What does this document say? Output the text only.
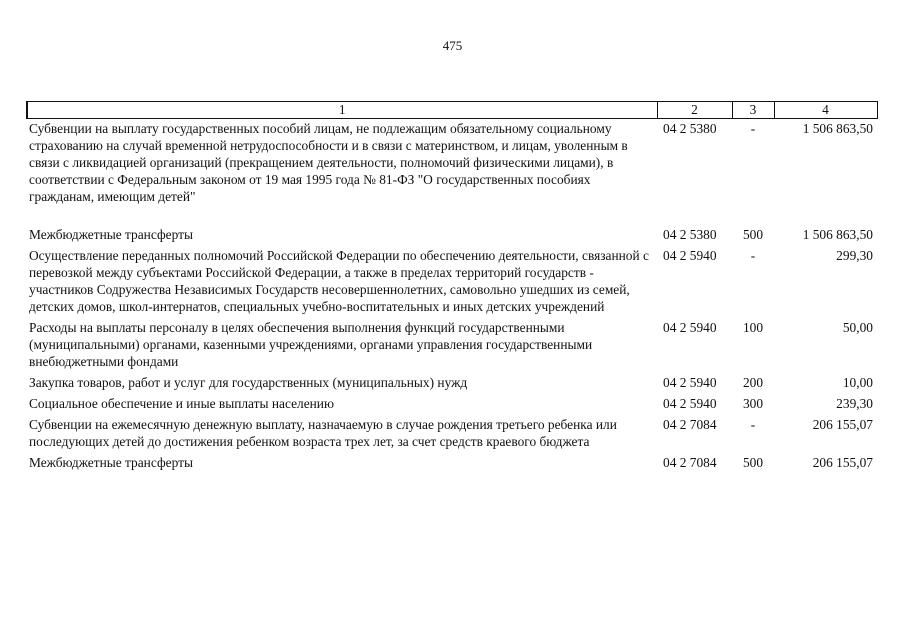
475
1	2	3	4
Субвенции на выплату государственных пособий лицам, не подлежащим обязательному социальному страхованию на случай временной нетрудоспособности и в связи с материнством, и лицам, уволенным в связи с ликвидацией организаций (прекращением деятельности, полномочий физическими лицами), в соответствии с Федеральным законом от 19 мая 1995 года № 81-ФЗ "О государственных пособиях гражданам, имеющим детей"	04 2 5380	-	1 506 863,50
Межбюджетные трансферты	04 2 5380	500	1 506 863,50
Осуществление переданных полномочий Российской Федерации по обеспечению деятельности, связанной с перевозкой между субъектами Российской Федерации, а также в пределах территорий государств - участников Содружества Независимых Государств несовершеннолетних, самовольно ушедших из семей, детских домов, школ-интернатов, специальных учебно-воспитательных и иных детских учреждений	04 2 5940	-	299,30
Расходы на выплаты персоналу в целях обеспечения выполнения функций государственными (муниципальными) органами, казенными учреждениями, органами управления государственными внебюджетными фондами	04 2 5940	100	50,00
Закупка товаров, работ и услуг для государственных (муниципальных) нужд	04 2 5940	200	10,00
Социальное обеспечение и иные выплаты населению	04 2 5940	300	239,30
Субвенции на ежемесячную денежную выплату, назначаемую в случае рождения третьего ребенка или последующих детей до достижения ребенком возраста трех лет, за счет средств краевого бюджета	04 2 7084	-	206 155,07
Межбюджетные трансферты	04 2 7084	500	206 155,07
